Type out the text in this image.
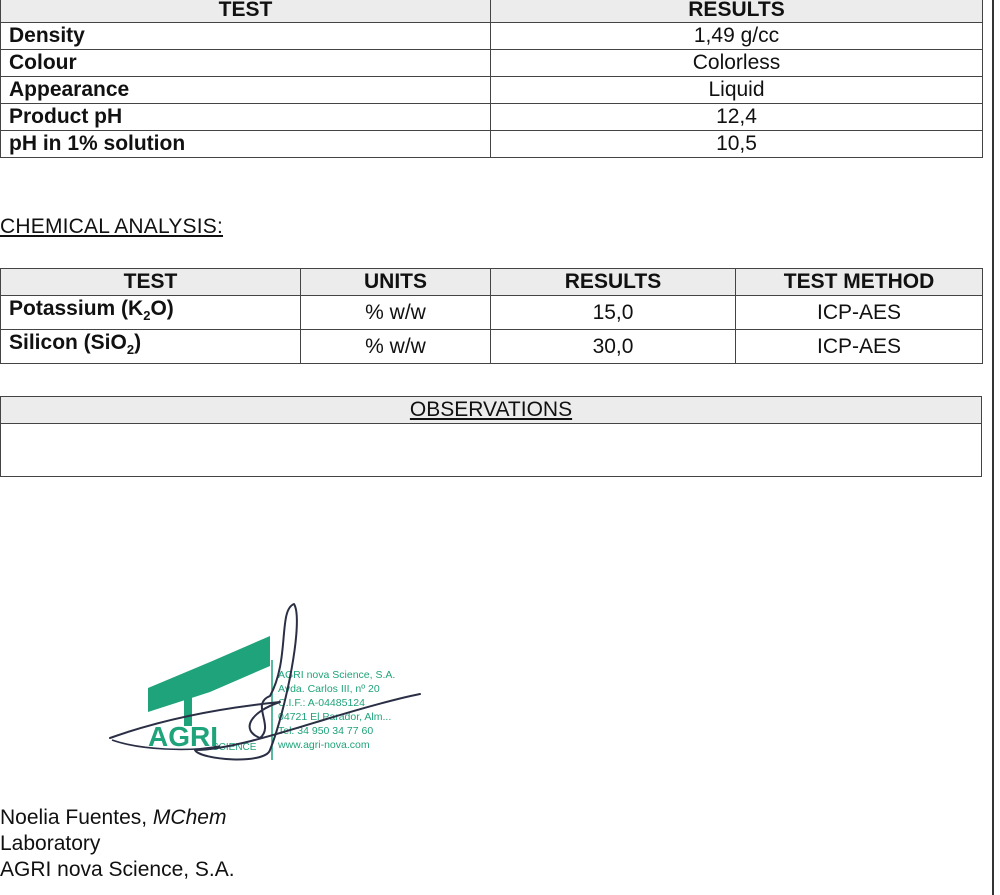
TEST	RESULTS
Density	1,49 g/cc
Colour	Colorless
Appearance	Liquid
Product pH	12,4
pH in 1% solution	10,5
CHEMICAL ANALYSIS:
TEST	UNITS	RESULTS	TEST METHOD
Potassium $(K_2O)$	% w/w	15,0	ICP-AES
Silicon (SiO$_2$)	% w/w	30,0	ICP-AES
OBSERVATIONS

AGRI
SCIENCE
AGRI nova Science, S.A.
Avda. Carlos III, nº 20
C.I.F.: A-04485124
04721 El Parador, Alm...
Tel. 34 950 34 77 60
www.agri-nova.com
Noelia Fuentes, MChem
Laboratory
AGRI nova Science, S.A.
